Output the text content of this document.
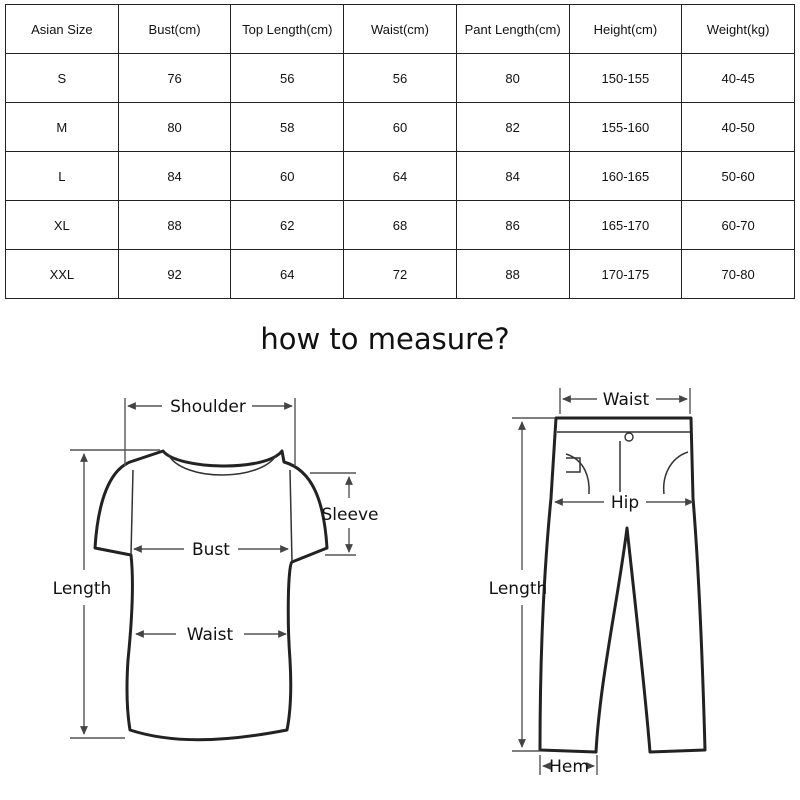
Asian Size	Bust(cm)	Top Length(cm)	Waist(cm)	Pant Length(cm)	Height(cm)	Weight(kg)
S	76	56	56	80	150-155	40-45
M	80	58	60	82	155-160	40-50
L	84	60	64	84	160-165	50-60
XL	88	62	68	86	165-170	60-70
XXL	92	64	72	88	170-175	70-80
how to measure?
Shoulder
Sleeve
Bust
Waist
Length
Waist
Hip
Length
Hem
